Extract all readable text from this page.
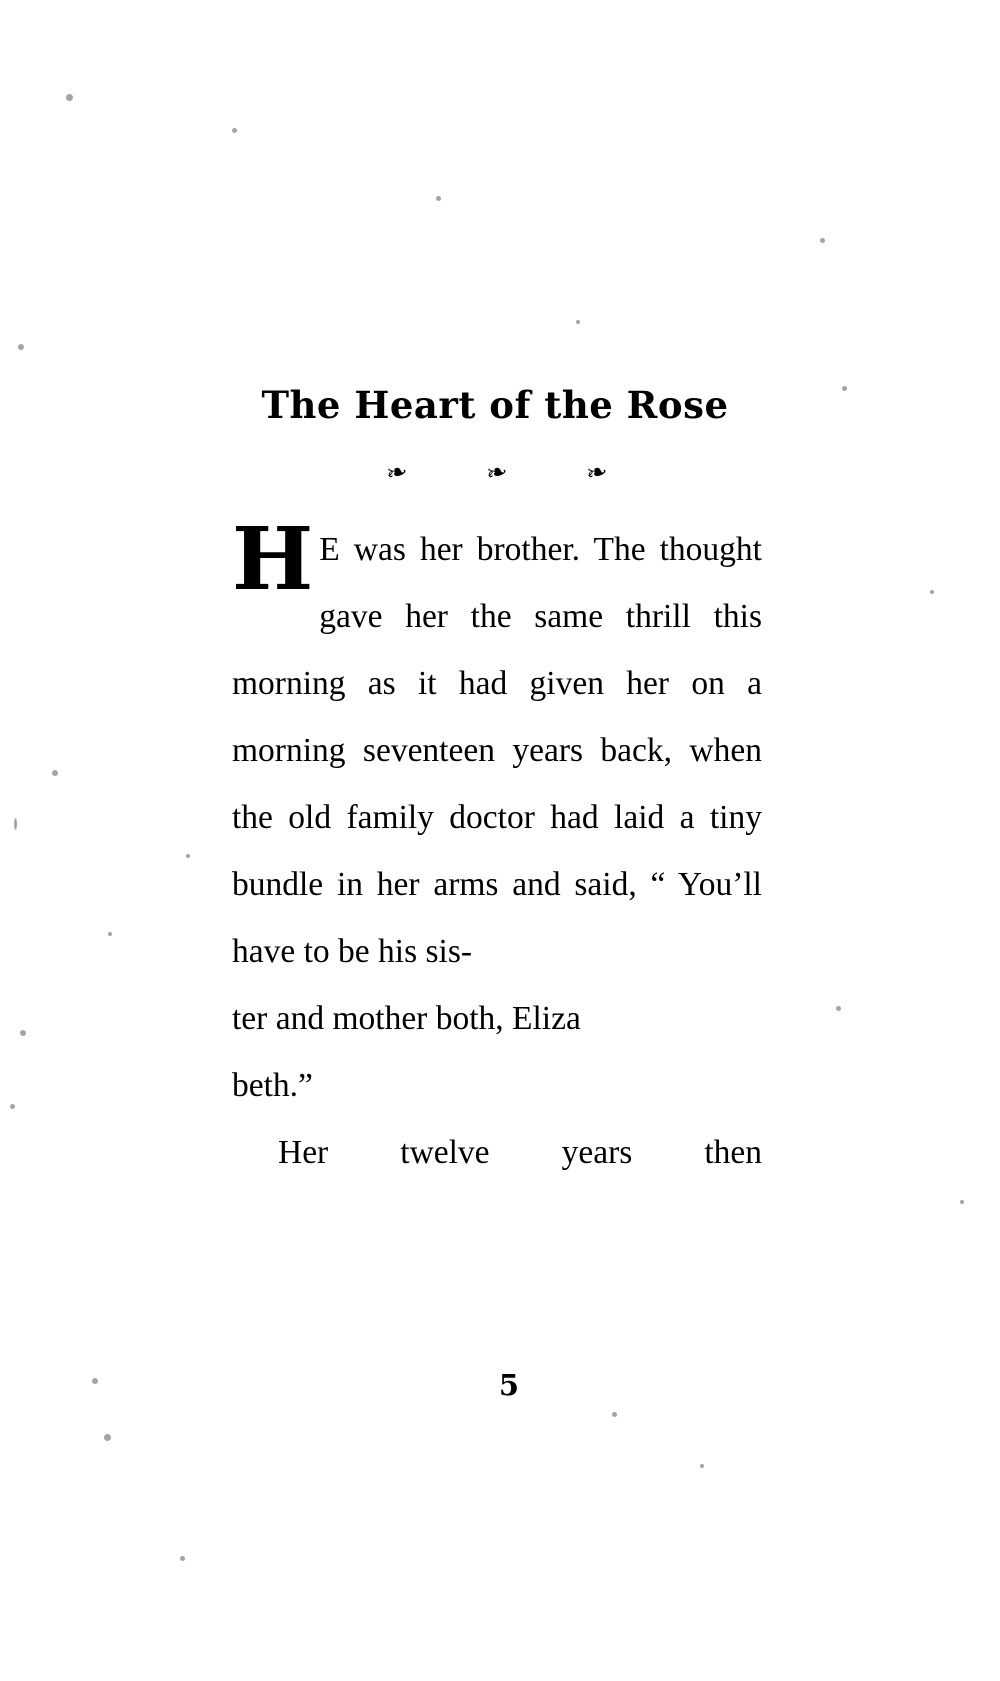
The Heart of the Rose
❧	❧	❧
H E was her brother. The thought gave her the same thrill this morning as it had given her on a morning seventeen years back, when the old family doctor had laid a tiny bundle in her arms and said, “ You’ll have to be his sis-
ter and mother both, Eliza
beth.”
Her twelve years then
5
